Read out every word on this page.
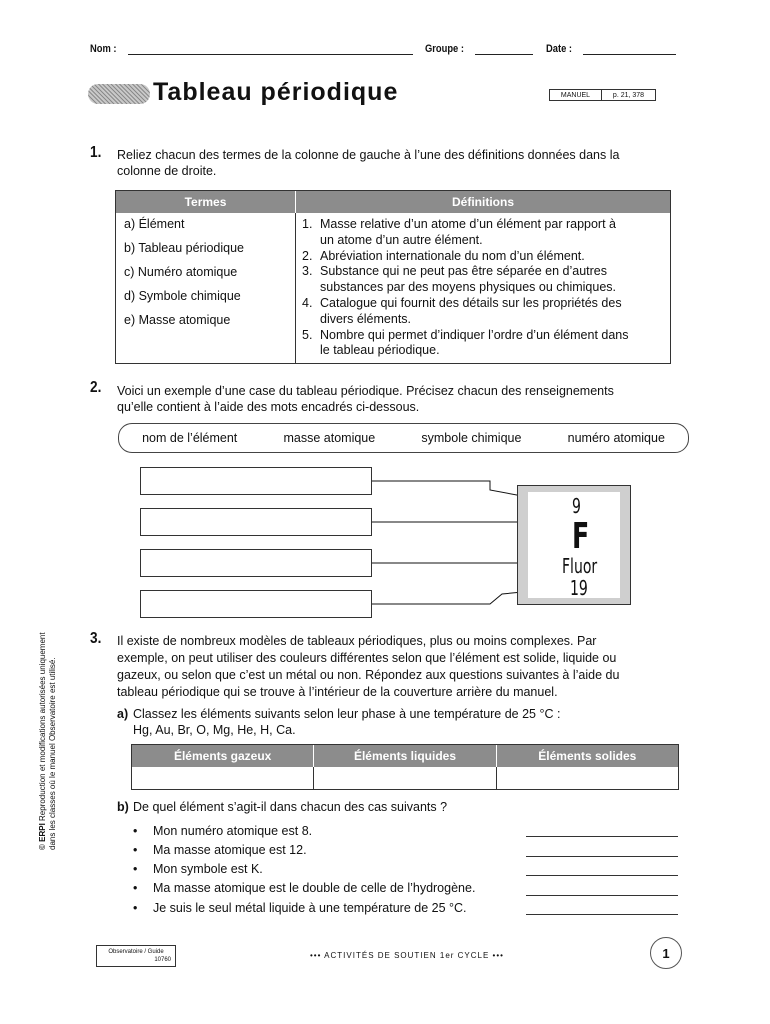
Nom :	Groupe :	Date :
Tableau périodique	MANUEL	p. 21, 378
1. Reliez chacun des termes de la colonne de gauche à l’une des définitions données dans la
colonne de droite.
Termes	Définitions
a) Élément
b) Tableau périodique
c) Numéro atomique
d) Symbole chimique
e) Masse atomique
1. Masse relative d’un atome d’un élément par rapport à
un atome d’un autre élément.
2. Abréviation internationale du nom d’un élément.
3. Substance qui ne peut pas être séparée en d’autres
substances par des moyens physiques ou chimiques.
4. Catalogue qui fournit des détails sur les propriétés des
divers éléments.
5. Nombre qui permet d’indiquer l’ordre d’un élément dans
le tableau périodique.
2. Voici un exemple d’une case du tableau périodique. Précisez chacun des renseignements
qu’elle contient à l’aide des mots encadrés ci-dessous.
nom de l’élément	masse atomique	symbole chimique	numéro atomique
9
F
Fluor
19
3. Il existe de nombreux modèles de tableaux périodiques, plus ou moins complexes. Par
exemple, on peut utiliser des couleurs différentes selon que l’élément est solide, liquide ou
gazeux, ou selon que c’est un métal ou non. Répondez aux questions suivantes à l’aide du
tableau périodique qui se trouve à l’intérieur de la couverture arrière du manuel.
a) Classez les éléments suivants selon leur phase à une température de 25 °C :
Hg, Au, Br, O, Mg, He, H, Ca.
Éléments gazeux	Éléments liquides	Éléments solides
b) De quel élément s’agit-il dans chacun des cas suivants ?
•	Mon numéro atomique est 8.
•	Ma masse atomique est 12.
•	Mon symbole est K.
•	Ma masse atomique est le double de celle de l’hydrogène.
•	Je suis le seul métal liquide à une température de 25 °C.
© ERPI Reproduction et modifications autorisées uniquement dans les classes où le manuel Observatoire est utilisé.
Observatoire / Guide
10760	••• ACTIVITÉS DE SOUTIEN 1er CYCLE •••	1
